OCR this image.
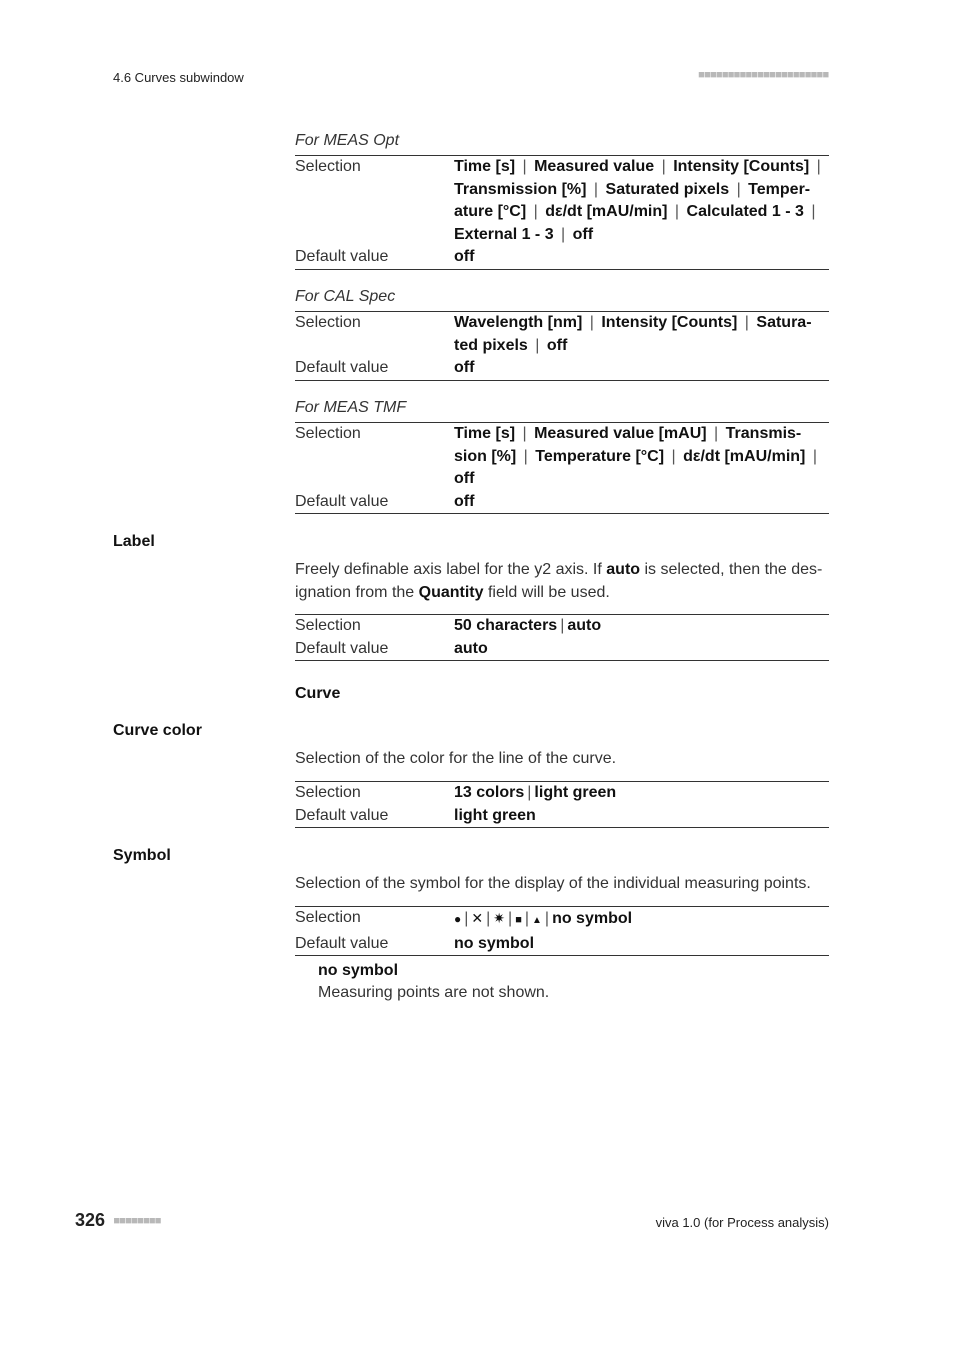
4.6 Curves subwindow	■■■■■■■■■■■■■■■■■■■■■■
For MEAS Opt
Selection	Time [s] | Measured value | Intensity [Counts] |
Transmission [%] | Saturated pixels | Temper-
ature [°C] | dε/dt [mAU/min] | Calculated 1 - 3 |
External 1 - 3 | off
Default value	off
For CAL Spec
Selection	Wavelength [nm] | Intensity [Counts] | Satura-
ted pixels | off
Default value	off
For MEAS TMF
Selection	Time [s] | Measured value [mAU] | Transmis-
sion [%] | Temperature [°C] | dε/dt [mAU/min] |
off
Default value	off
Label
Freely definable axis label for the y2 axis. If auto is selected, then the des-
ignation from the Quantity field will be used.
Selection	50 characters | auto
Default value	auto
Curve
Curve color
Selection of the color for the line of the curve.
Selection	13 colors | light green
Default value	light green
Symbol
Selection of the symbol for the display of the individual measuring points.
Selection	● | ✕ | ✷ | ■ | ▲ | no symbol
Default value	no symbol
no symbol
Measuring points are not shown.
326 ■■■■■■■■	viva 1.0 (for Process analysis)
